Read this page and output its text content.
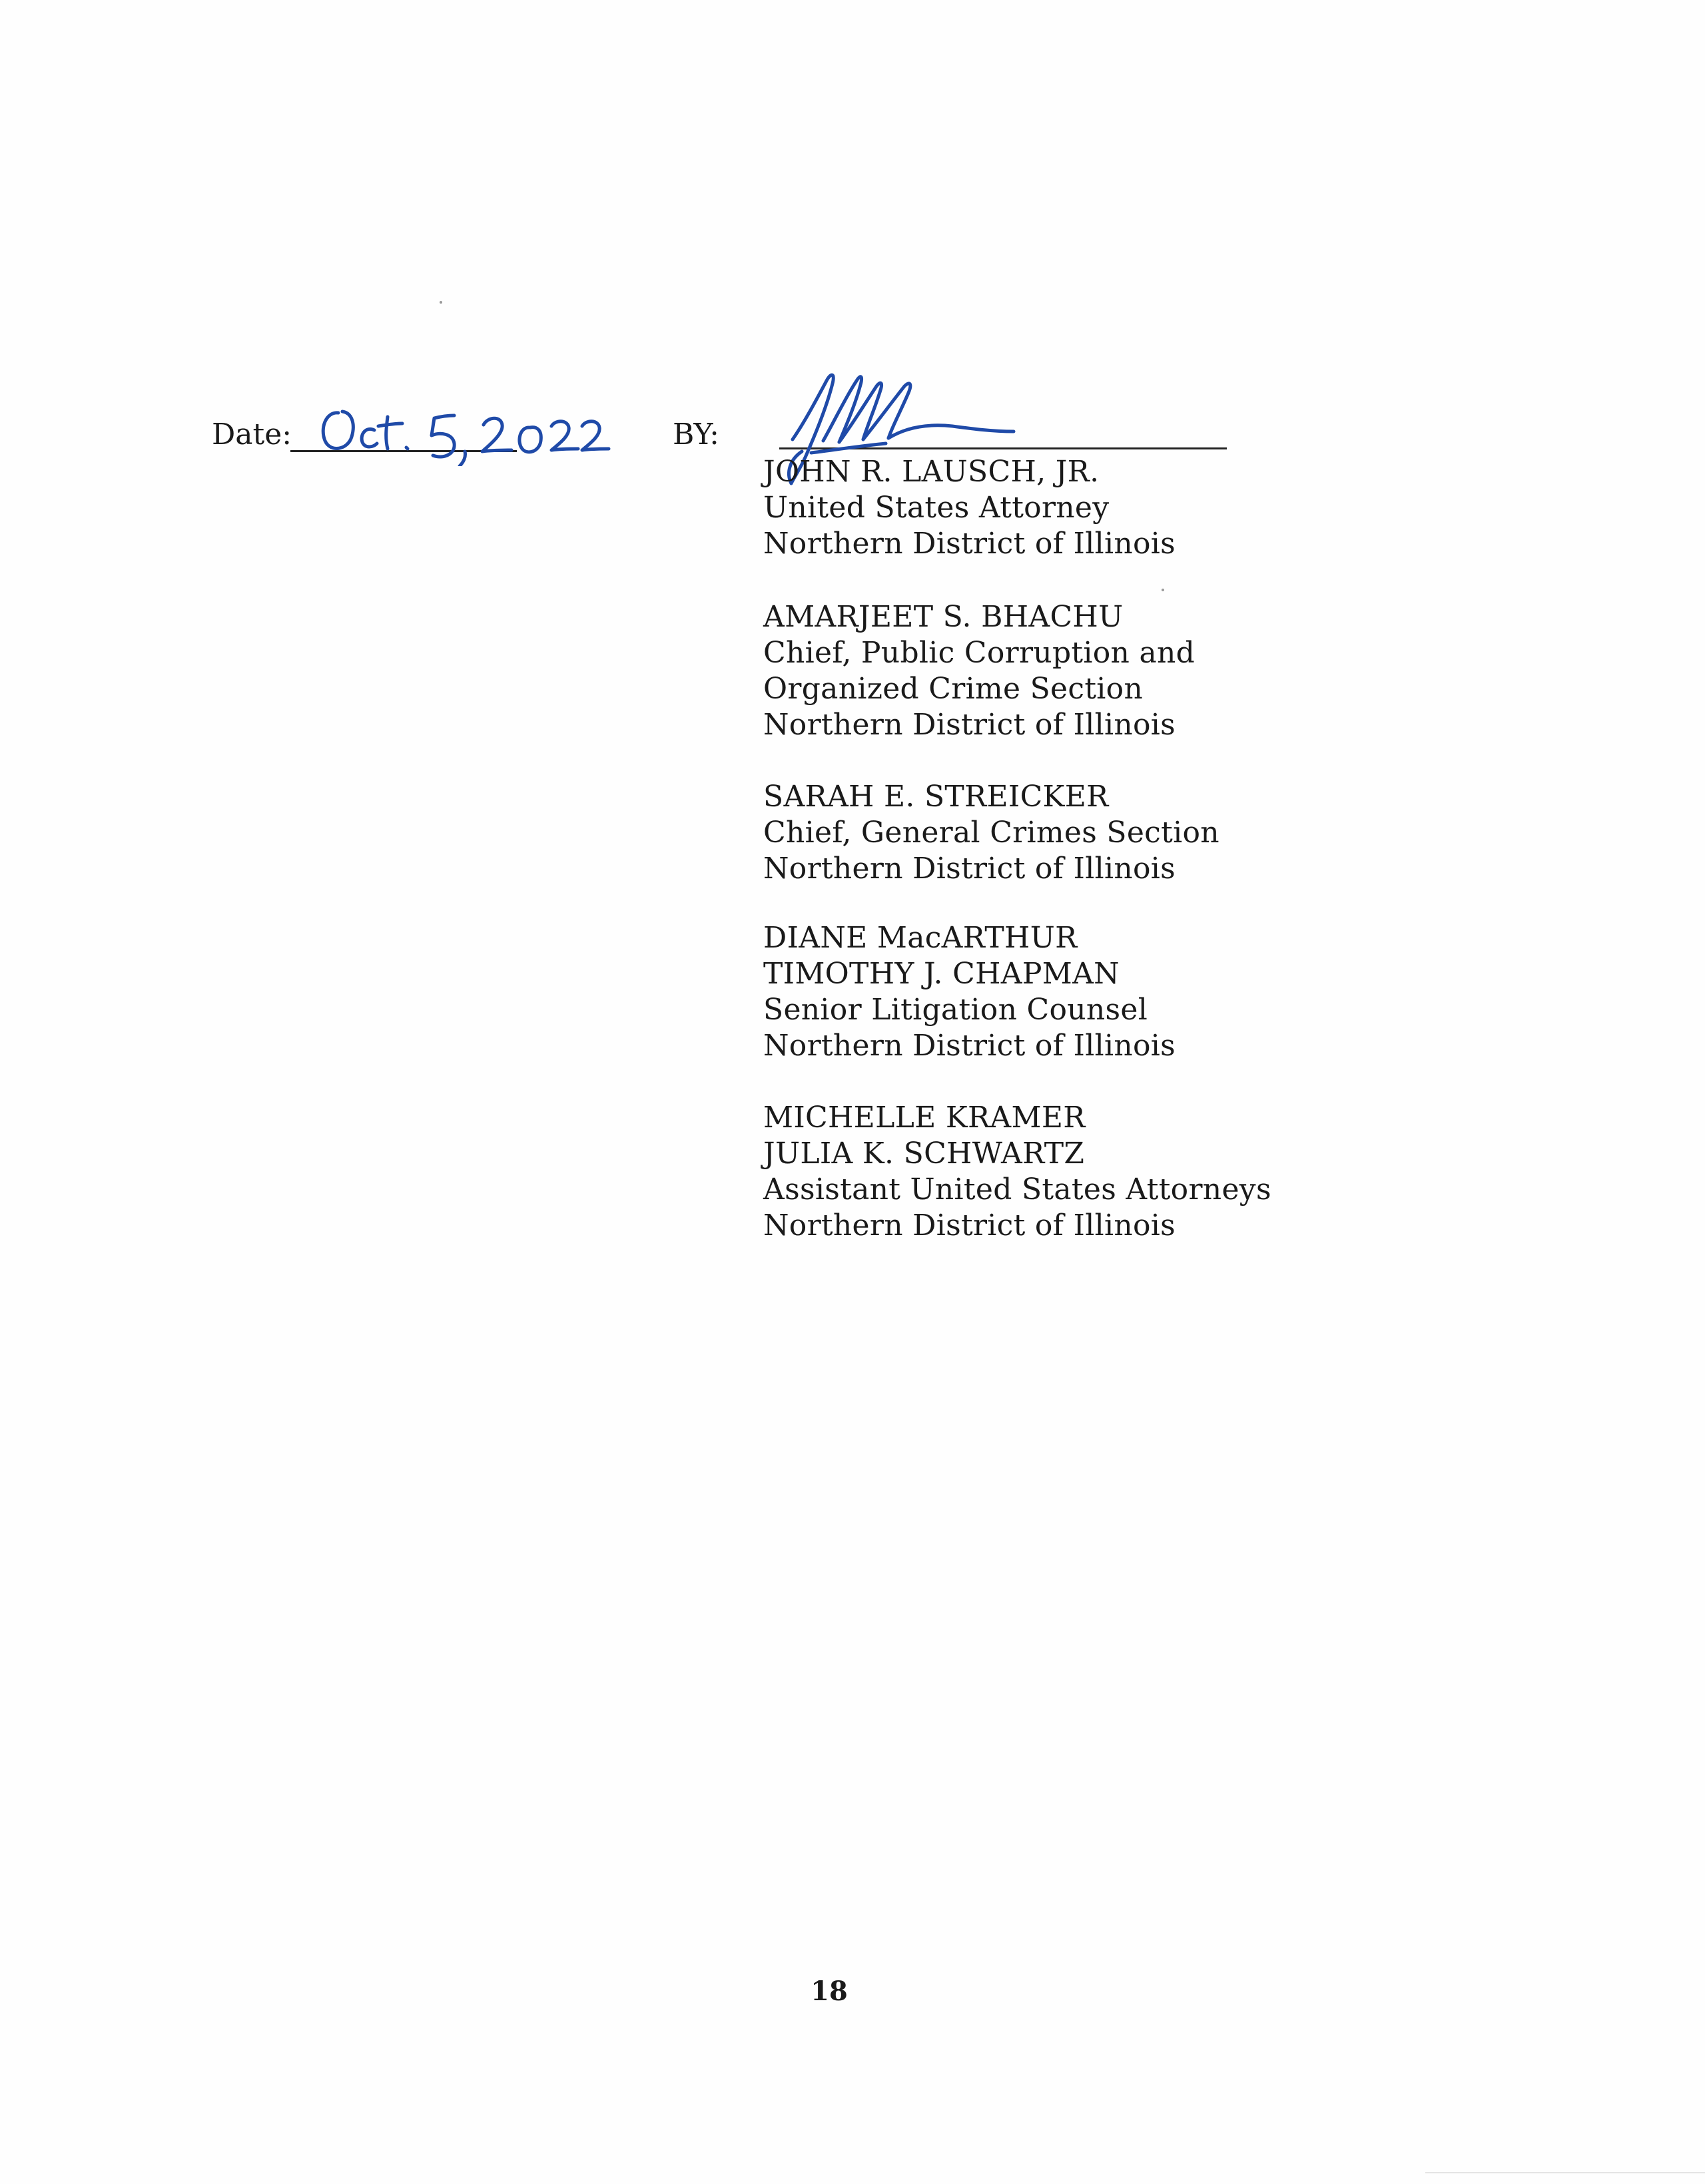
Date:
Oct. 5, 2022
BY:
JOHN R. LAUSCH, JR.
United States Attorney
Northern District of Illinois
AMARJEET S. BHACHU
Chief, Public Corruption and
Organized Crime Section
Northern District of Illinois
SARAH E. STREICKER
Chief, General Crimes Section
Northern District of Illinois
DIANE MacARTHUR
TIMOTHY J. CHAPMAN
Senior Litigation Counsel
Northern District of Illinois
MICHELLE KRAMER
JULIA K. SCHWARTZ
Assistant United States Attorneys
Northern District of Illinois
18
